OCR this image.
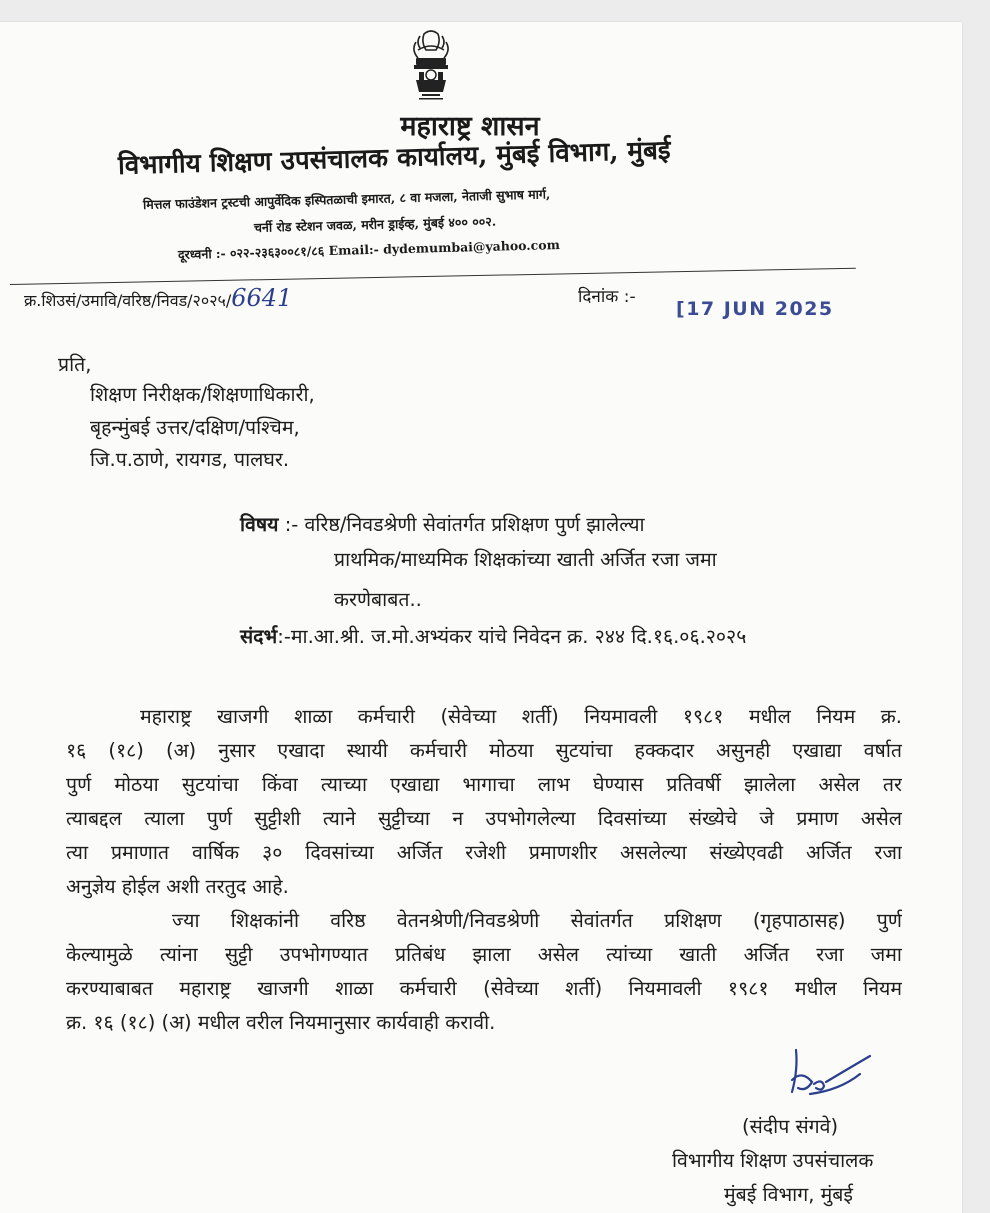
महाराष्ट्र शासन
विभागीय शिक्षण उपसंचालक कार्यालय, मुंबई विभाग, मुंबई
मित्तल फाउंडेशन ट्रस्टची आपुर्वेदिक इस्पितळाची इमारत, ८ वा मजला, नेताजी सुभाष मार्ग,
चर्नी रोड स्टेशन जवळ, मरीन ड्राईव्ह, मुंबई ४०० ००२.
दूरध्वनी :- ०२२-२३६३००८१/८६ Email:- dydemumbai@yahoo.com
क्र.शिउसं/उमावि/वरिष्ठ/निवड/२०२५/6641	दिनांक :-
[17 JUN 2025
प्रति,
शिक्षण निरीक्षक/शिक्षणाधिकारी,
बृहन्मुंबई उत्तर/दक्षिण/पश्चिम,
जि.प.ठाणे, रायगड, पालघर.
विषय :- वरिष्ठ/निवडश्रेणी सेवांतर्गत प्रशिक्षण पुर्ण झालेल्या
प्राथमिक/माध्यमिक शिक्षकांच्या खाती अर्जित रजा जमा
करणेबाबत..
संदर्भ:-मा.आ.श्री. ज.मो.अभ्यंकर यांचे निवेदन क्र. २४४ दि.१६.०६.२०२५
महाराष्ट्र खाजगी शाळा कर्मचारी (सेवेच्या शर्ती) नियमावली १९८१ मधील नियम क्र.
१६ (१८) (अ) नुसार एखादा स्थायी कर्मचारी मोठया सुटयांचा हक्कदार असुनही एखाद्या वर्षात
पुर्ण मोठया सुटयांचा किंवा त्याच्या एखाद्या भागाचा लाभ घेण्यास प्रतिवर्षी झालेला असेल तर
त्याबद्दल त्याला पुर्ण सुट्टीशी त्याने सुट्टीच्या न उपभोगलेल्या दिवसांच्या संख्येचे जे प्रमाण असेल
त्या प्रमाणात वार्षिक ३० दिवसांच्या अर्जित रजेशी प्रमाणशीर असलेल्या संख्येएवढी अर्जित रजा
अनुज्ञेय होईल अशी तरतुद आहे.
ज्या शिक्षकांनी वरिष्ठ वेतनश्रेणी/निवडश्रेणी सेवांतर्गत प्रशिक्षण (गृहपाठासह) पुर्ण
केल्यामुळे त्यांना सुट्टी उपभोगण्यात प्रतिबंध झाला असेल त्यांच्या खाती अर्जित रजा जमा
करण्याबाबत महाराष्ट्र खाजगी शाळा कर्मचारी (सेवेच्या शर्ती) नियमावली १९८१ मधील नियम
क्र. १६ (१८) (अ) मधील वरील नियमानुसार कार्यवाही करावी.
(संदीप संगवे)
विभागीय शिक्षण उपसंचालक
मुंबई विभाग, मुंबई
